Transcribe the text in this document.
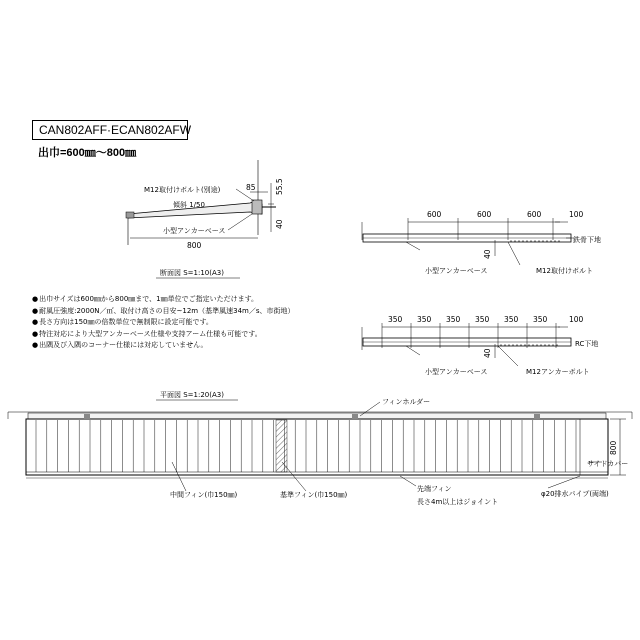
CAN802AFF·ECAN802AFW
出巾=600㎜～800㎜
M12取付けボルト(別途)
傾斜 1/50
小型アンカーベース
85	55.5
40
800
断面図 S=1:10(A3)
600	600	600	100
40
鉄骨下地
小型アンカーベース	M12取付けボルト
350 350 350 350 350 350	100
40
RC下地
小型アンカーベース	M12アンカーボルト
平面図 S=1:20(A3)
フィンホルダー
800
サイドカバー
中間フィン(巾150㎜)	基準フィン(巾150㎜)
先端フィン
長さ4m以上はジョイント
φ20排水パイプ(両端)
● 出巾サイズは600㎜から800㎜まで、1㎜単位でご指定いただけます。
● 耐風圧強度:2000N／㎡、取付け高さの目安~12m（基準風速34m／s、市街地）
● 長さ方向は150㎜の倍数単位で無制限に設定可能です。
● 特注対応により大型アンカーベース仕様や支持アーム仕様も可能です。
● 出隅及び入隅のコーナー仕様には対応していません。
